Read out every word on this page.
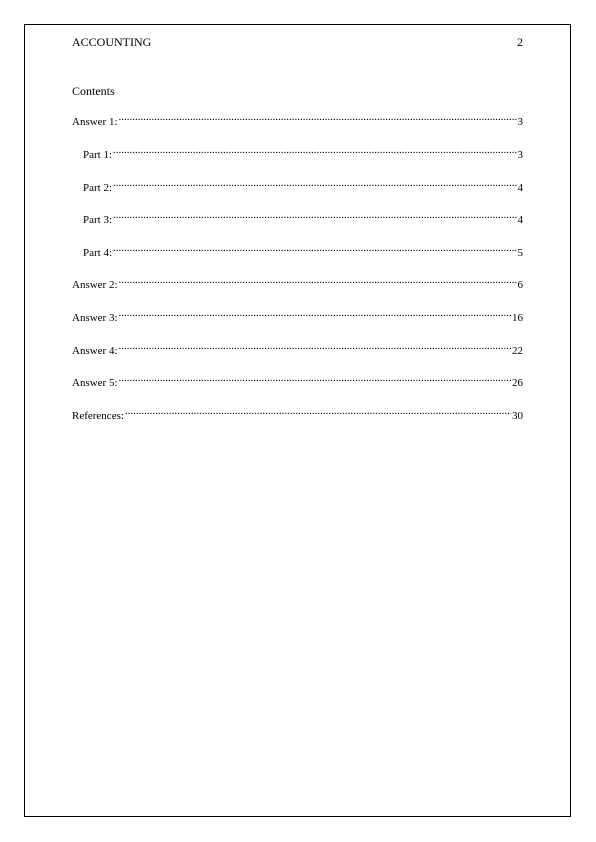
ACCOUNTING	2
Contents
Answer 1: .....	3
Part 1: .....	3
Part 2: .....	4
Part 3: .....	4
Part 4: .....	5
Answer 2: .....	6
Answer 3: .....	16
Answer 4: .....	22
Answer 5: .....	26
References: .....	30
